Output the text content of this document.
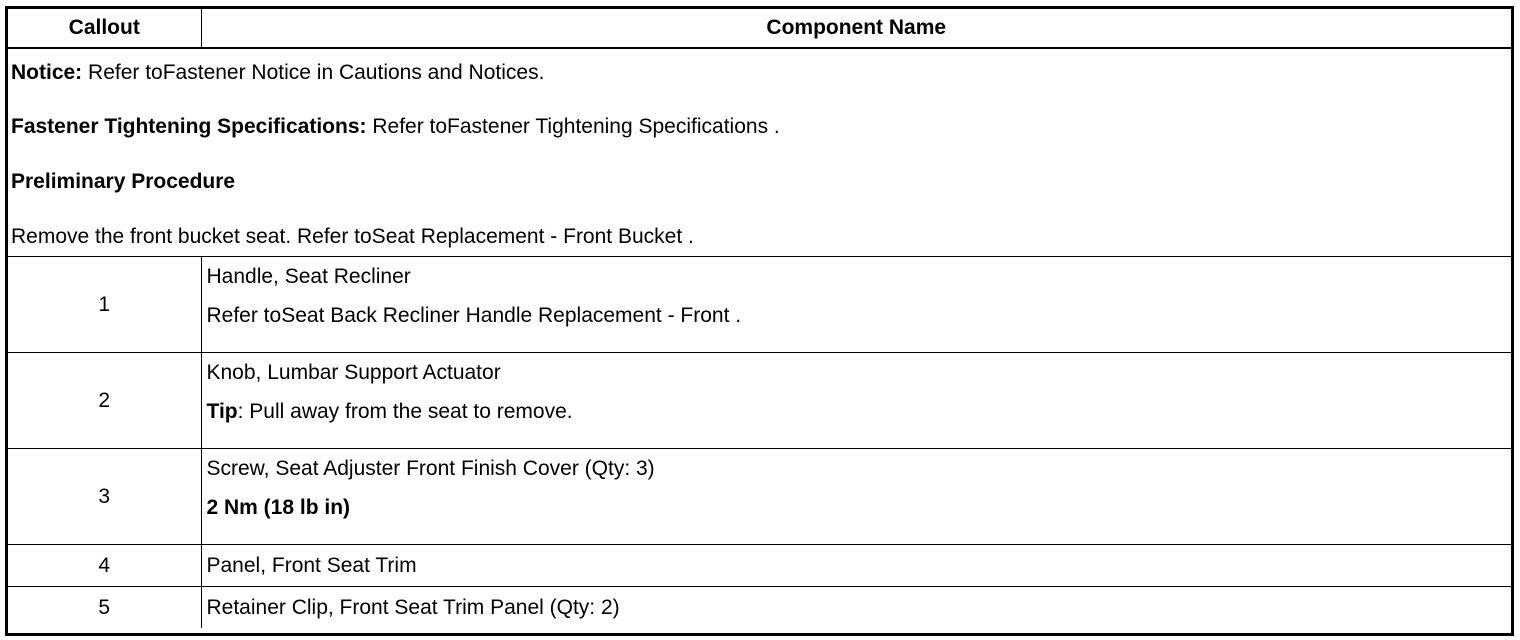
Callout	Component Name

Notice: Refer toFastener Notice in Cautions and Notices.

Fastener Tightening Specifications: Refer toFastener Tightening Specifications .

Preliminary Procedure

Remove the front bucket seat. Refer toSeat Replacement - Front Bucket .	

1	Handle, Seat Recliner
Refer toSeat Back Recliner Handle Replacement - Front .

2	Knob, Lumbar Support Actuator
Tip: Pull away from the seat to remove.

3	Screw, Seat Adjuster Front Finish Cover (Qty: 3)
2 Nm (18 lb in)

4	Panel, Front Seat Trim
5	Retainer Clip, Front Seat Trim Panel (Qty: 2)
